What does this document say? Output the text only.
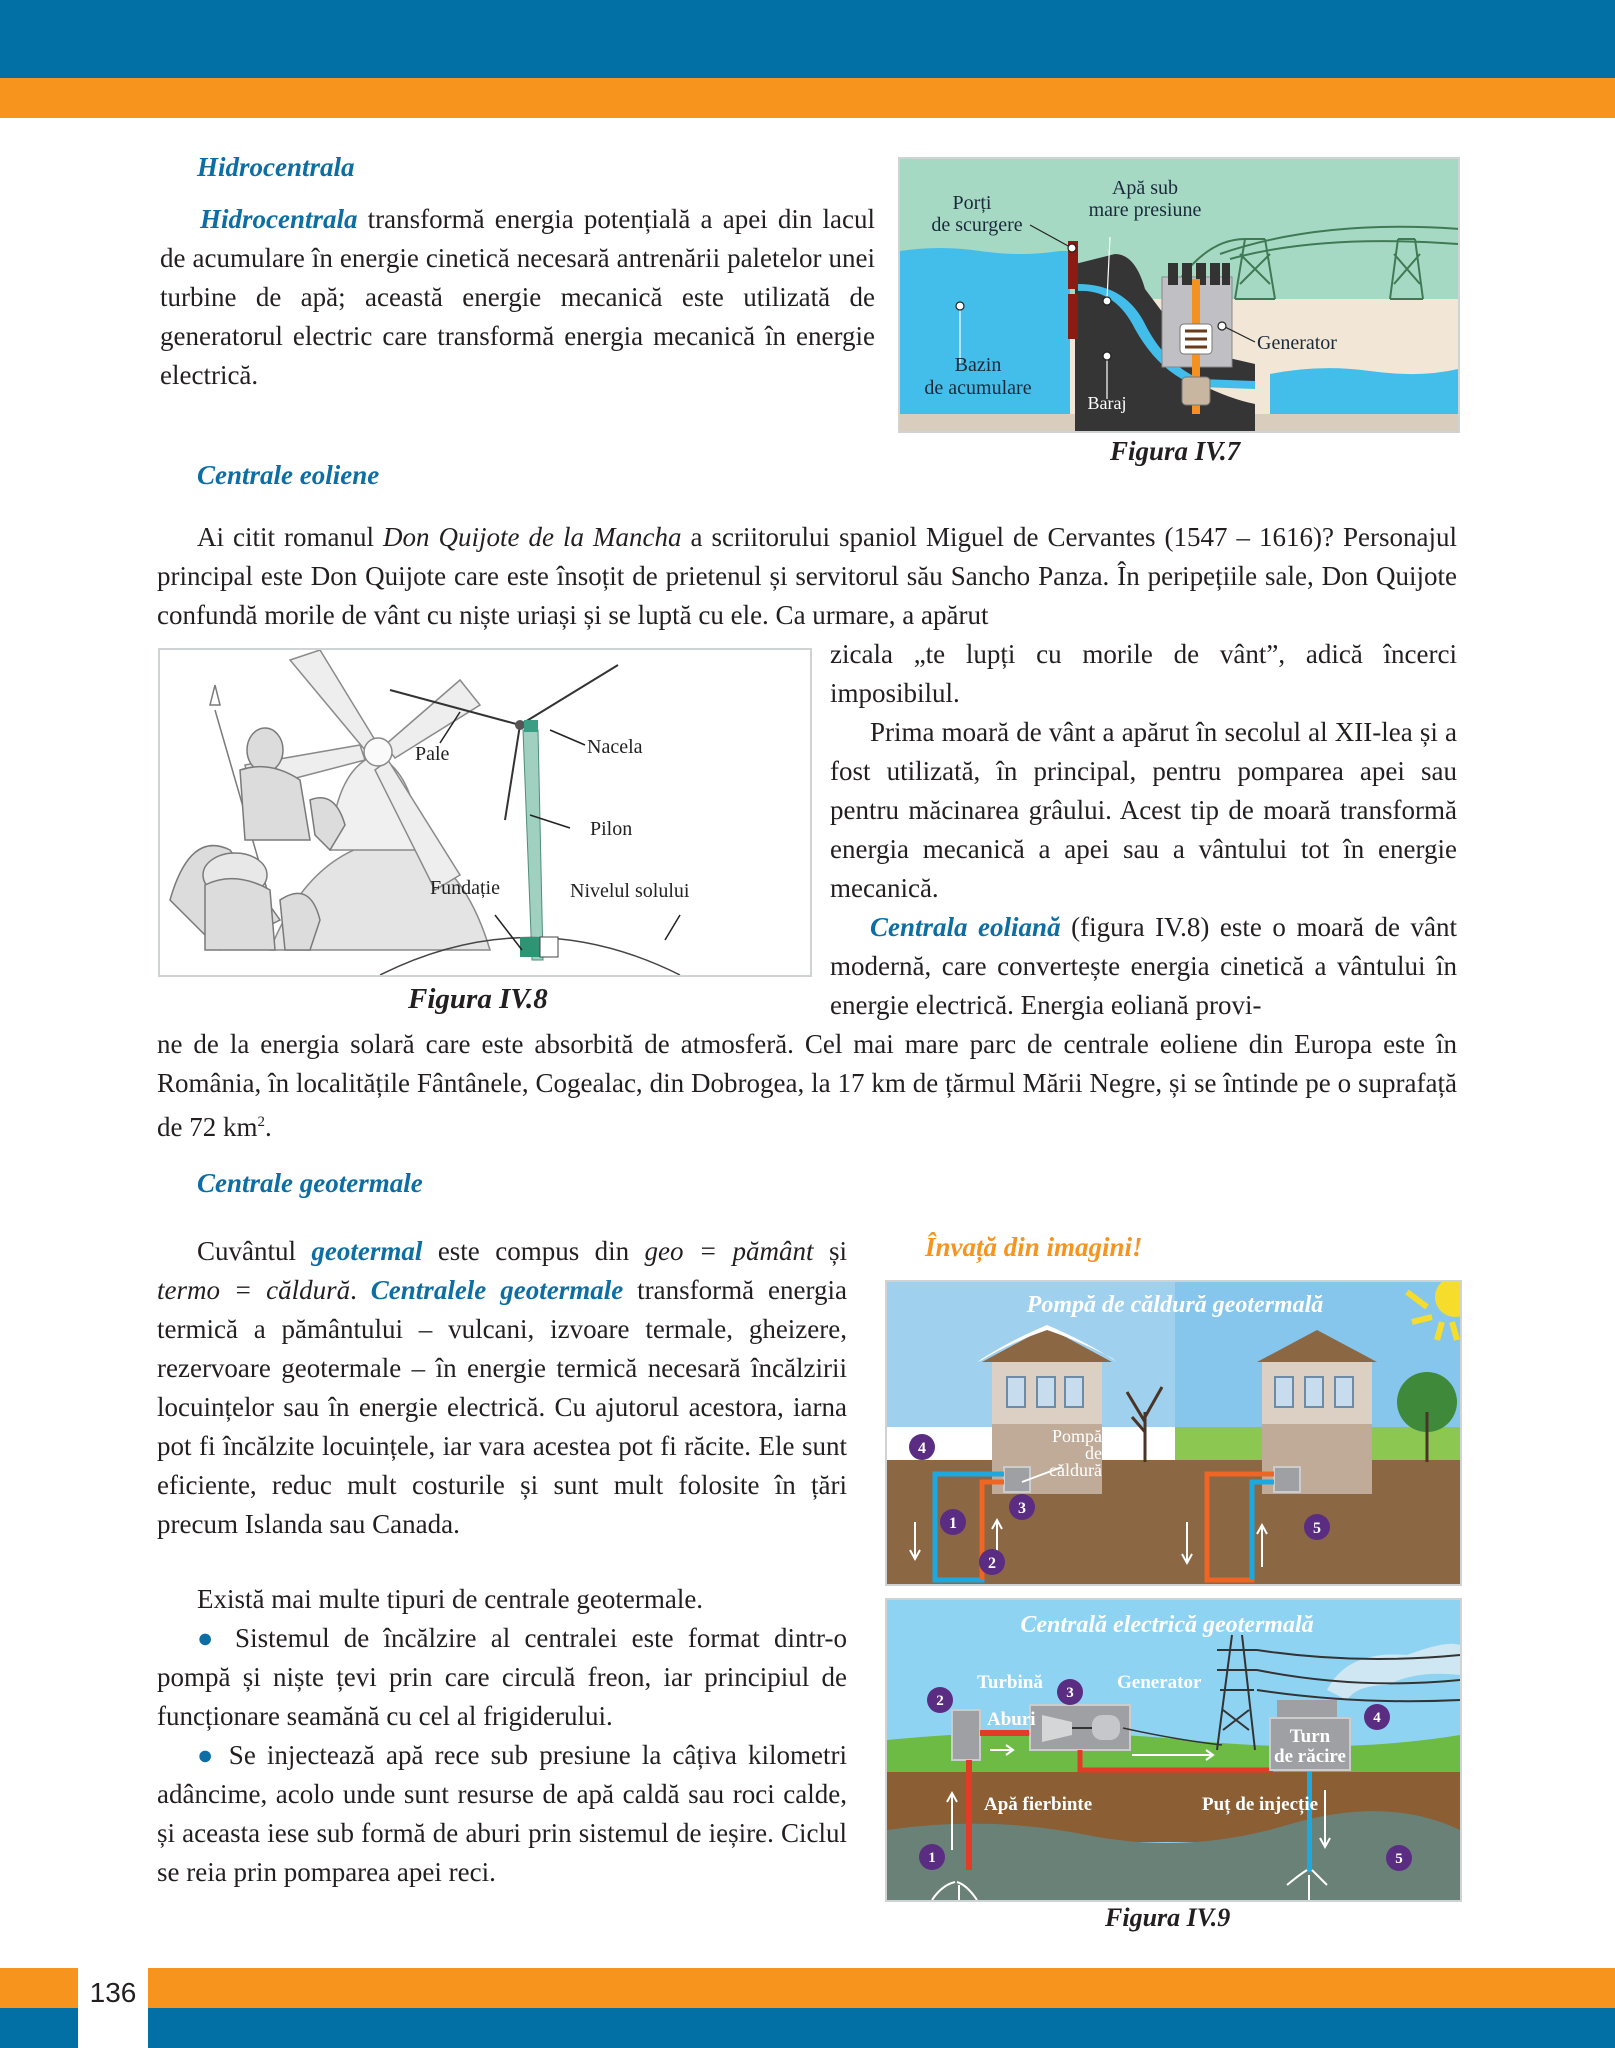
Hidrocentrala

Hidrocentrala transformă energia potențială a apei din lacul de acumulare în energie cinetică necesară antrenării paletelor unei turbine de apă; această energie mecanică este utilizată de generatorul electric care transformă energia mecanică în energie electrică.

Porți
de scurgere
Apă sub
mare presiune
Generator
Bazin
de acumulare
Baraj
Figura IV.7
Centrale eoliene

Ai citit romanul Don Quijote de la Mancha a scriitorului spaniol Miguel de Cervantes (1547 – 1616)? Personajul principal este Don Quijote care este însoțit de prietenul și servitorul său Sancho Panza. În peripețiile sale, Don Quijote confundă morile de vânt cu niște uriași și se luptă cu ele. Ca urmare, a apărut

Pale	Nacela
Pilon
Fundație	Nivelul solului
Figura IV.8

zicala „te lupți cu morile de vânt”, adică încerci imposibilul.

Prima moară de vânt a apărut în secolul al XII-lea și a fost utilizată, în principal, pentru pomparea apei sau pentru măcinarea grâului. Acest tip de moară transformă energia mecanică a apei sau a vântului tot în energie mecanică.

Centrala eoliană (figura IV.8) este o moară de vânt modernă, care convertește energia cinetică a vântului în energie electrică. Energia eoliană provi-

ne de la energia solară care este absorbită de atmosferă. Cel mai mare parc de centrale eoliene din Europa este în România, în localitățile Fântânele, Cogealac, din Dobrogea, la 17 km de țărmul Mării Negre, și se întinde pe o suprafață de 72 $km^2$.

Centrale geotermale

Cuvântul geotermal este compus din geo = pământ și termo = căldură. Centralele geotermale transformă energia termică a pământului – vulcani, izvoare termale, gheizere, rezervoare geotermale – în energie termică necesară încălzirii locuințelor sau în energie electrică. Cu ajutorul acestora, iarna pot fi încălzite locuințele, iar vara acestea pot fi răcite. Ele sunt eficiente, reduc mult costurile și sunt mult folosite în țări precum Islanda sau Canada.

Există mai multe tipuri de centrale geotermale.

● Sistemul de încălzire al centralei este format dintr-o pompă și niște țevi prin care circulă freon, iar principiul de funcționare seamănă cu cel al frigiderului.

● Se injectează apă rece sub presiune la câțiva kilometri adâncime, acolo unde sunt resurse de apă caldă sau roci calde, și aceasta iese sub formă de aburi prin sistemul de ieșire. Ciclul se reia prin pomparea apei reci.

Învață din imagini!
Pompă
de
căldură
Pompă de căldură geotermală
4
1
2
3
5
Centrală electrică geotermală
Turbină	Generator
Aburi
Turn
de răcire
Apă fierbinte	Puț de injecție
1
2	3
4
5
Figura IV.9
136
